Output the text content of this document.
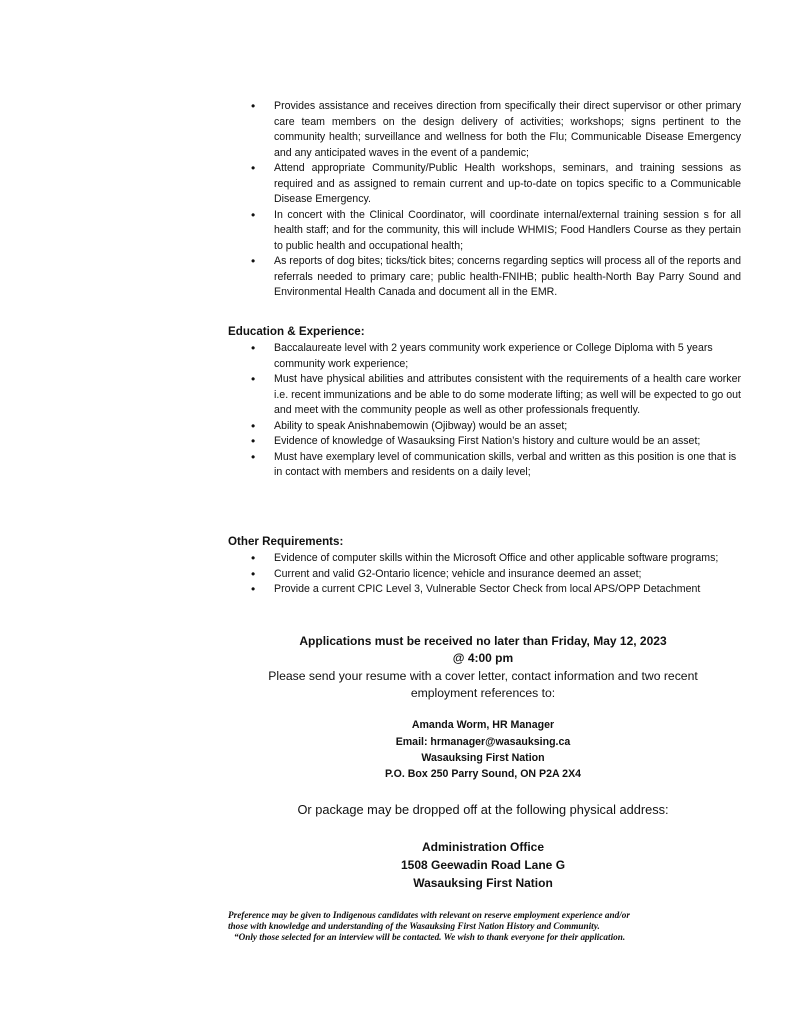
• Provides assistance and receives direction from specifically their direct supervisor or other primary care team members on the design delivery of activities; workshops; signs pertinent to the community health; surveillance and wellness for both the Flu; Communicable Disease Emergency and any anticipated waves in the event of a pandemic;
• Attend appropriate Community/Public Health workshops, seminars, and training sessions as required and as assigned to remain current and up-to-date on topics specific to a Communicable Disease Emergency.
• In concert with the Clinical Coordinator, will coordinate internal/external training session s for all health staff; and for the community, this will include WHMIS; Food Handlers Course as they pertain to public health and occupational health;
• As reports of dog bites; ticks/tick bites; concerns regarding septics will process all of the reports and referrals needed to primary care; public health-FNIHB; public health-North Bay Parry Sound and Environmental Health Canada and document all in the EMR.
Education & Experience:
• Baccalaureate level with 2 years community work experience or College Diploma with 5 years community work experience;
• Must have physical abilities and attributes consistent with the requirements of a health care worker i.e. recent immunizations and be able to do some moderate lifting; as well will be expected to go out and meet with the community people as well as other professionals frequently.
• Ability to speak Anishnabemowin (Ojibway) would be an asset;
• Evidence of knowledge of Wasauksing First Nation’s history and culture would be an asset;
• Must have exemplary level of communication skills, verbal and written as this position is one that is in contact with members and residents on a daily level;
Other Requirements:
• Evidence of computer skills within the Microsoft Office and other applicable software programs;
• Current and valid G2-Ontario licence; vehicle and insurance deemed an asset;
• Provide a current CPIC Level 3, Vulnerable Sector Check from local APS/OPP Detachment
Applications must be received no later than Friday, May 12, 2023
@ 4:00 pm
Please send your resume with a cover letter, contact information and two recent
employment references to:
Amanda Worm, HR Manager
Email: hrmanager@wasauksing.ca
Wasauksing First Nation
P.O. Box 250 Parry Sound, ON P2A 2X4
Or package may be dropped off at the following physical address:
Administration Office
1508 Geewadin Road Lane G
Wasauksing First Nation

Preference may be given to Indigenous candidates with relevant on reserve employment experience and/or

those with knowledge and understanding of the Wasauksing First Nation History and Community.

“Only those selected for an interview will be contacted. We wish to thank everyone for their application.
